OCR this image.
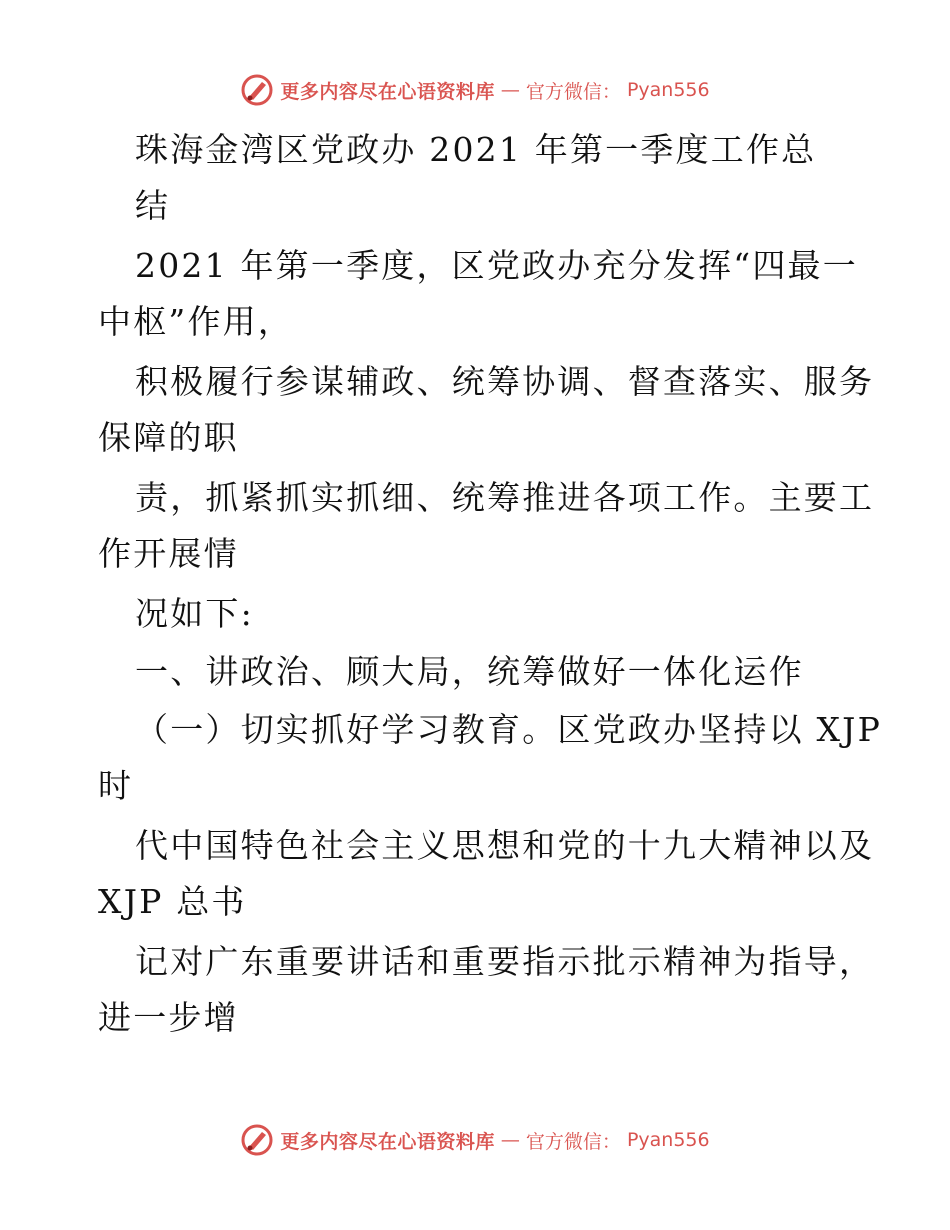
更多内容尽在心语资料库 — 官方微信： Pyan556
珠海金湾区党政办 2021 年第一季度工作总
结
2021 年第一季度，区党政办充分发挥“四最一
中枢”作用，
积极履行参谋辅政、统筹协调、督查落实、服务
保障的职
责，抓紧抓实抓细、统筹推进各项工作。主要工
作开展情
况如下:
一、讲政治、顾大局，统筹做好一体化运作
（一）切实抓好学习教育。区党政办坚持以 XJP
时
代中国特色社会主义思想和党的十九大精神以及
XJP 总书
记对广东重要讲话和重要指示批示精神为指导，
进一步增
更多内容尽在心语资料库 — 官方微信： Pyan556
